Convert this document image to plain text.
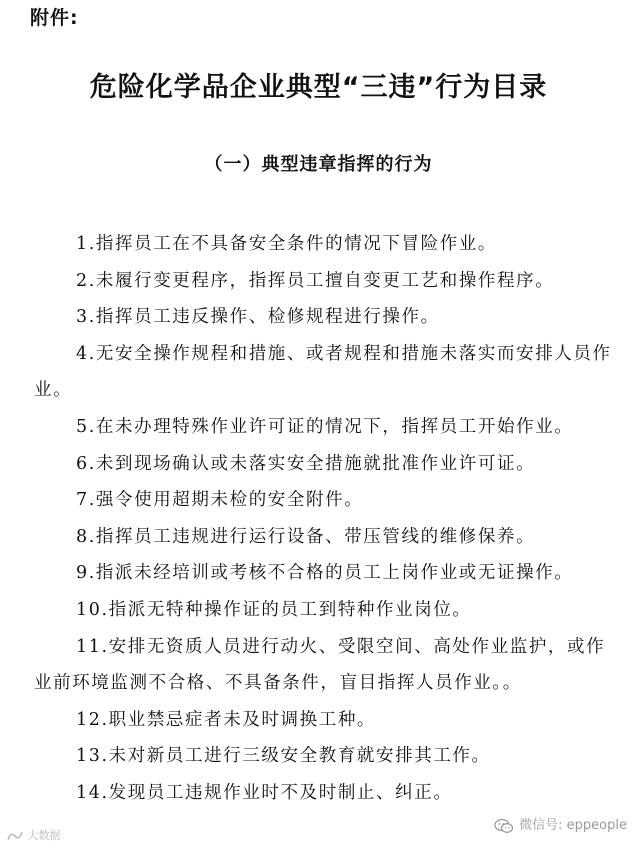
附件:
危险化学品企业典型“三违”行为目录
（一）典型违章指挥的行为
1.指挥员工在不具备安全条件的情况下冒险作业。
2.未履行变更程序，指挥员工擅自变更工艺和操作程序。
3.指挥员工违反操作、检修规程进行操作。
4.无安全操作规程和措施、或者规程和措施未落实而安排人员作业。
5.在未办理特殊作业许可证的情况下，指挥员工开始作业。
6.未到现场确认或未落实安全措施就批准作业许可证。
7.强令使用超期未检的安全附件。
8.指挥员工违规进行运行设备、带压管线的维修保养。
9.指派未经培训或考核不合格的员工上岗作业或无证操作。
10.指派无特种操作证的员工到特种作业岗位。
11.安排无资质人员进行动火、受限空间、高处作业监护，或作业前环境监测不合格、不具备条件，盲目指挥人员作业。。
12.职业禁忌症者未及时调换工种。
13.未对新员工进行三级安全教育就安排其工作。
14.发现员工违规作业时不及时制止、纠正。
大数据
微信号: eppeople
